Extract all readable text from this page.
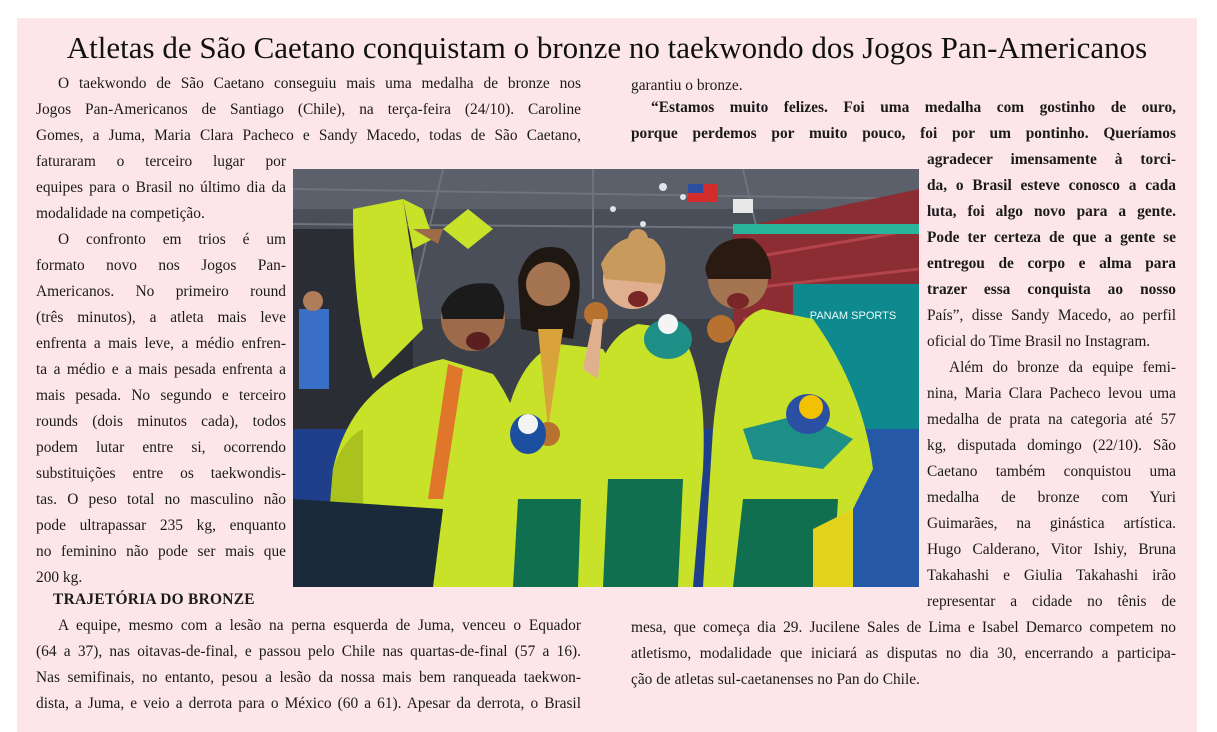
Atletas de São Caetano conquistam o bronze no taekwondo dos Jogos Pan-Americanos
O taekwondo de São Caetano conseguiu mais uma medalha de bronze nos
Jogos Pan-Americanos de Santiago (Chile), na terça-feira (24/10). Caroline
Gomes, a Juma, Maria Clara Pacheco e Sandy Macedo, todas de São Caetano,
faturaram o terceiro lugar por
equipes para o Brasil no último dia da
modalidade na competição.
O confronto em trios é um
formato novo nos Jogos Pan-
Americanos. No primeiro round
(três minutos), a atleta mais leve
enfrenta a mais leve, a médio enfren-
ta a médio e a mais pesada enfrenta a
mais pesada. No segundo e terceiro
rounds (dois minutos cada), todos
podem lutar entre si, ocorrendo
substituições entre os taekwondis-
tas. O peso total no masculino não
pode ultrapassar 235 kg, enquanto
no feminino não pode ser mais que
200 kg.
TRAJETÓRIA DO BRONZE
A equipe, mesmo com a lesão na perna esquerda de Juma, venceu o Equador
(64 a 37), nas oitavas-de-final, e passou pelo Chile nas quartas-de-final (57 a 16).
Nas semifinais, no entanto, pesou a lesão da nossa mais bem ranqueada taekwon-
dista, a Juma, e veio a derrota para o México (60 a 61). Apesar da derrota, o Brasil
garantiu o bronze.
“Estamos muito felizes. Foi uma medalha com gostinho de ouro,
porque perdemos por muito pouco, foi por um pontinho. Queríamos
agradecer imensamente à torci-
da, o Brasil esteve conosco a cada
luta, foi algo novo para a gente.
Pode ter certeza de que a gente se
entregou de corpo e alma para
trazer essa conquista ao nosso
País”, disse Sandy Macedo, ao perfil
oficial do Time Brasil no Instagram.
Além do bronze da equipe femi-
nina, Maria Clara Pacheco levou uma
medalha de prata na categoria até 57
kg, disputada domingo (22/10). São
Caetano também conquistou uma
medalha de bronze com Yuri
Guimarães, na ginástica artística.
Hugo Calderano, Vitor Ishiy, Bruna
Takahashi e Giulia Takahashi irão
representar a cidade no tênis de
mesa, que começa dia 29. Jucilene Sales de Lima e Isabel Demarco competem no
atletismo, modalidade que iniciará as disputas no dia 30, encerrando a participa-
ção de atletas sul-caetanenses no Pan do Chile.
PANAM SPORTS
